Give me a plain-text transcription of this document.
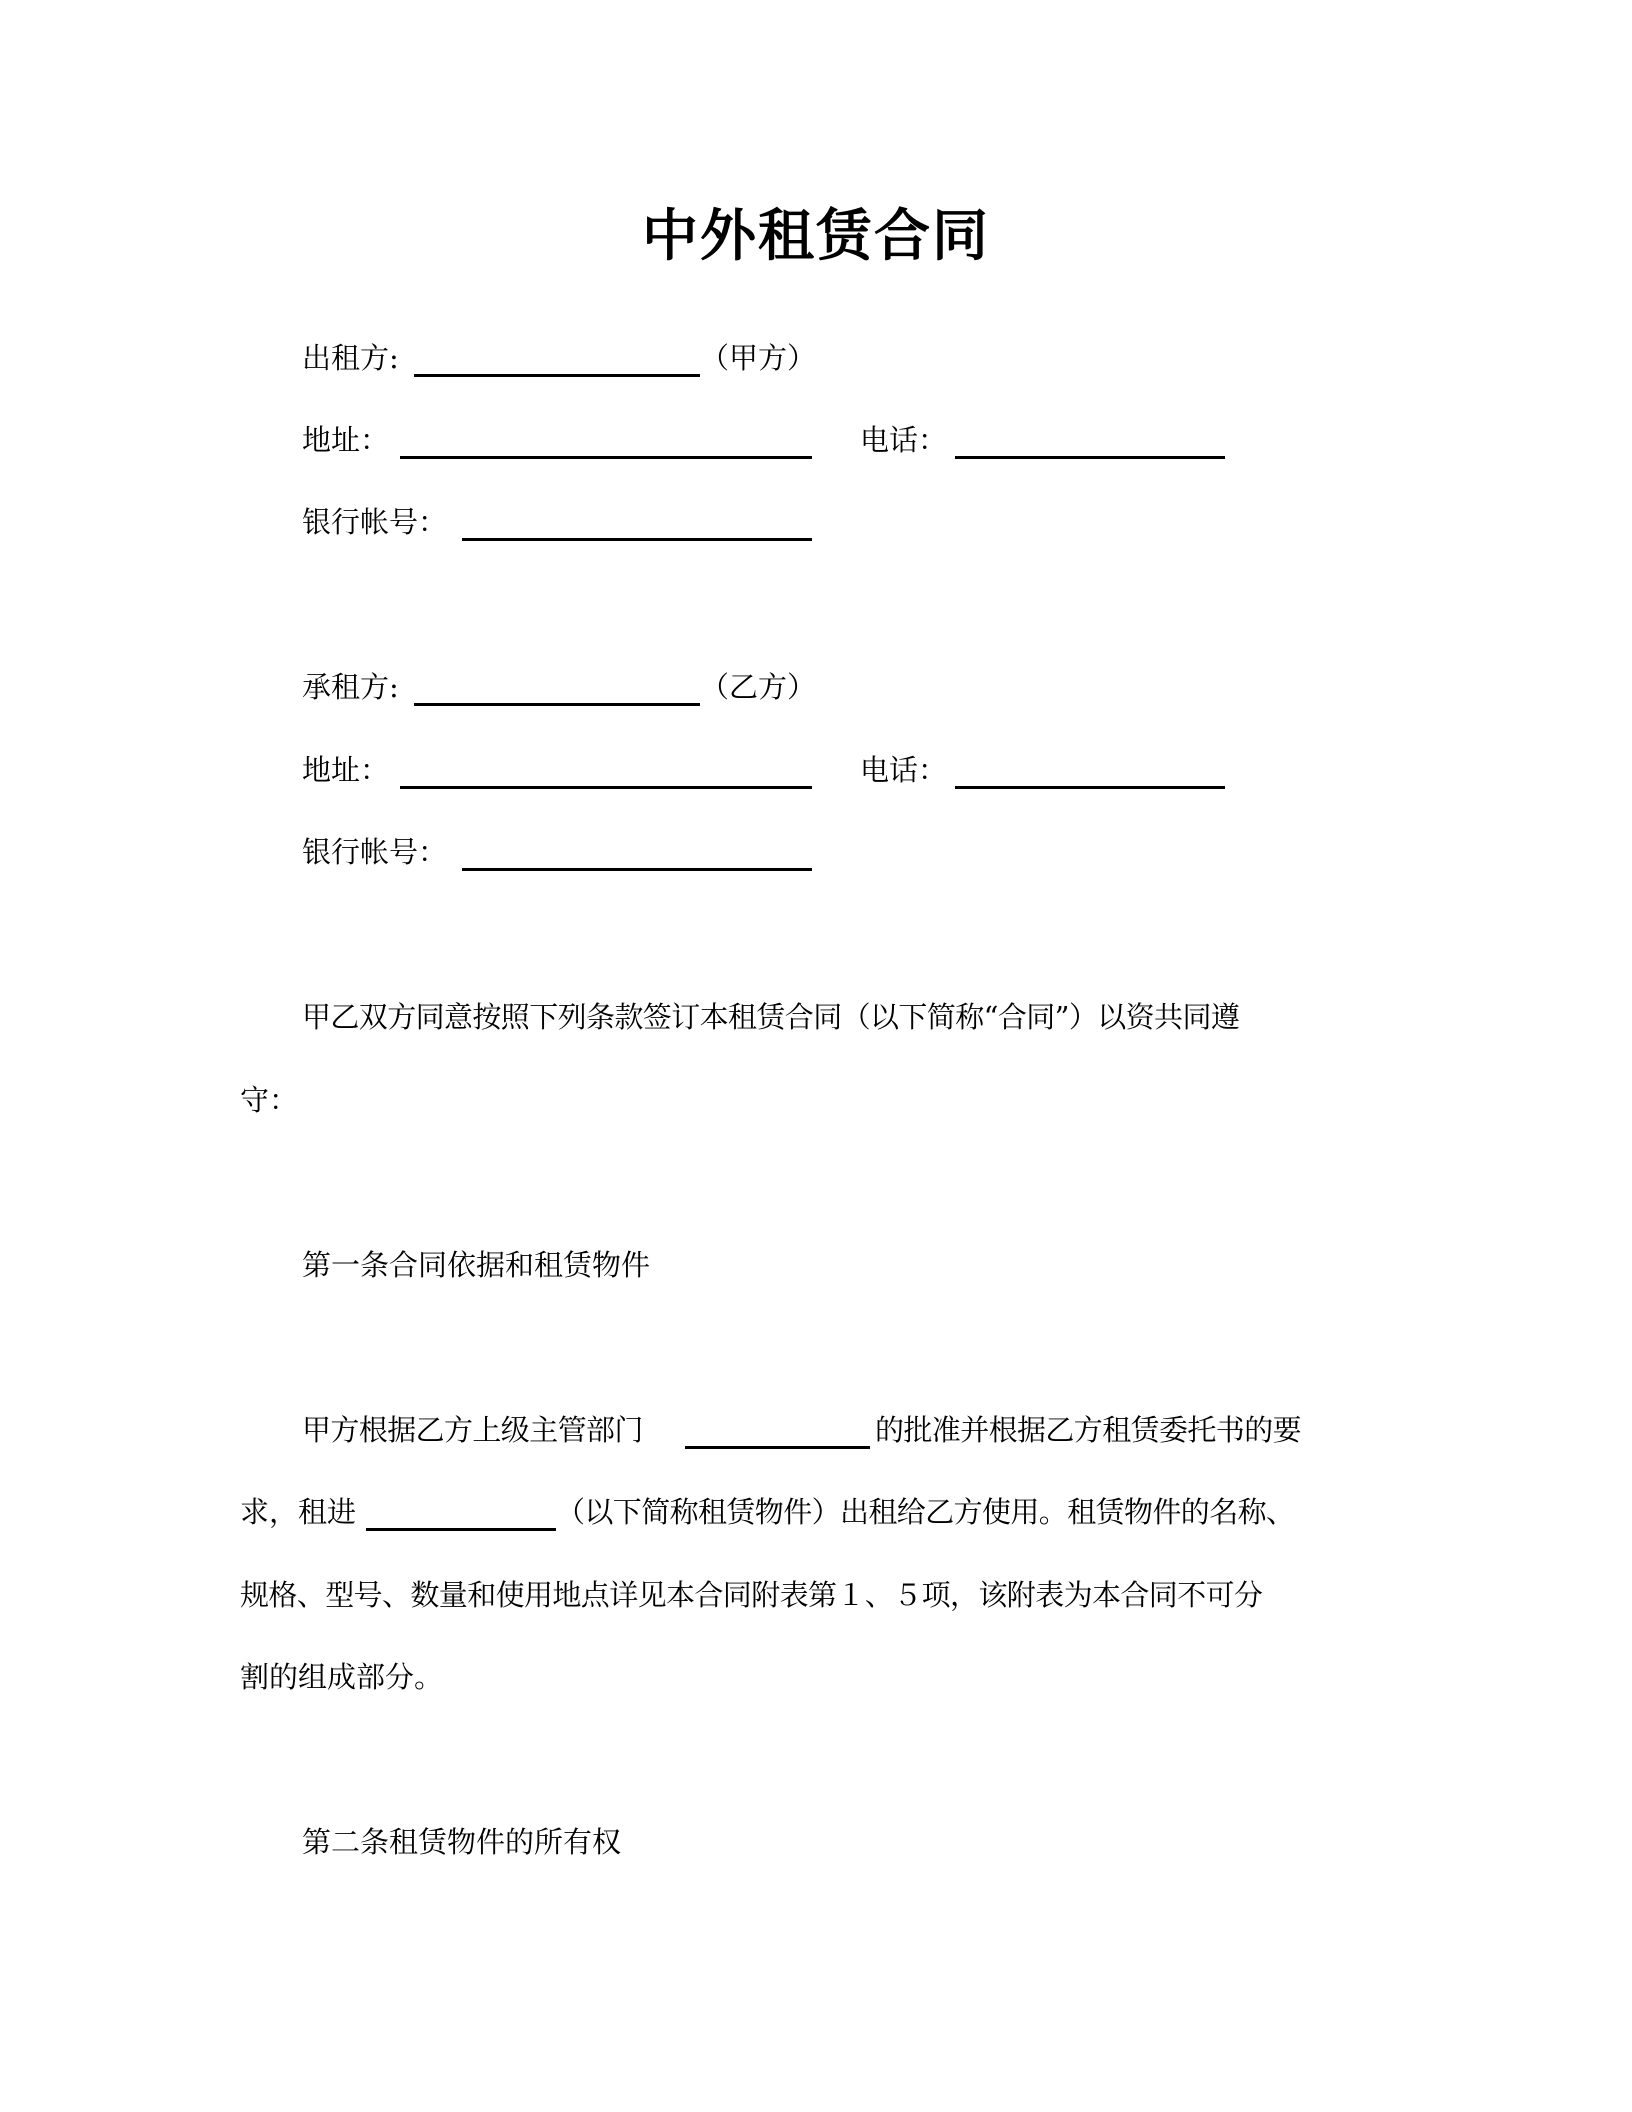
中外租赁合同
出租方:	（甲方）
地址：	电话：
银行帐号：
承租方:	（乙方）
地址：	电话：
银行帐号：
甲乙双方同意按照下列条款签订本租赁合同（以下简称“合同”）以资共同遵
守：
第一条合同依据和租赁物件
甲方根据乙方上级主管部门	的批准并根据乙方租赁委托书的要
求，租进	（以下简称租赁物件）出租给乙方使用。租赁物件的名称、
规格、型号、数量和使用地点详见本合同附表第１、５项，该附表为本合同不可分
割的组成部分。
第二条租赁物件的所有权
